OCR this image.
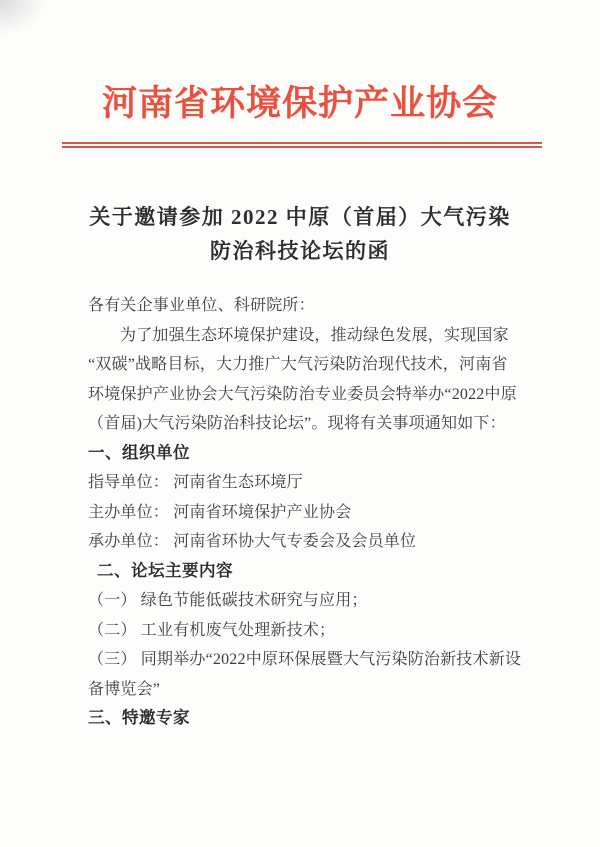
河南省环境保护产业协会
关于邀请参加 2022 中原（首届）大气污染
防治科技论坛的函
各有关企事业单位、科研院所：
为了加强生态环境保护建设，推动绿色发展，实现国家
“双碳”战略目标，大力推广大气污染防治现代技术，河南省
环境保护产业协会大气污染防治专业委员会特举办“2022中原
（首届)大气污染防治科技论坛”。现将有关事项通知如下：
一、组织单位
指导单位： 河南省生态环境厅
主办单位： 河南省环境保护产业协会
承办单位： 河南省环协大气专委会及会员单位
二、论坛主要内容
（一） 绿色节能低碳技术研究与应用；
（二） 工业有机废气处理新技术；
（三） 同期举办“2022中原环保展暨大气污染防治新技术新设
备博览会”
三、特邀专家
